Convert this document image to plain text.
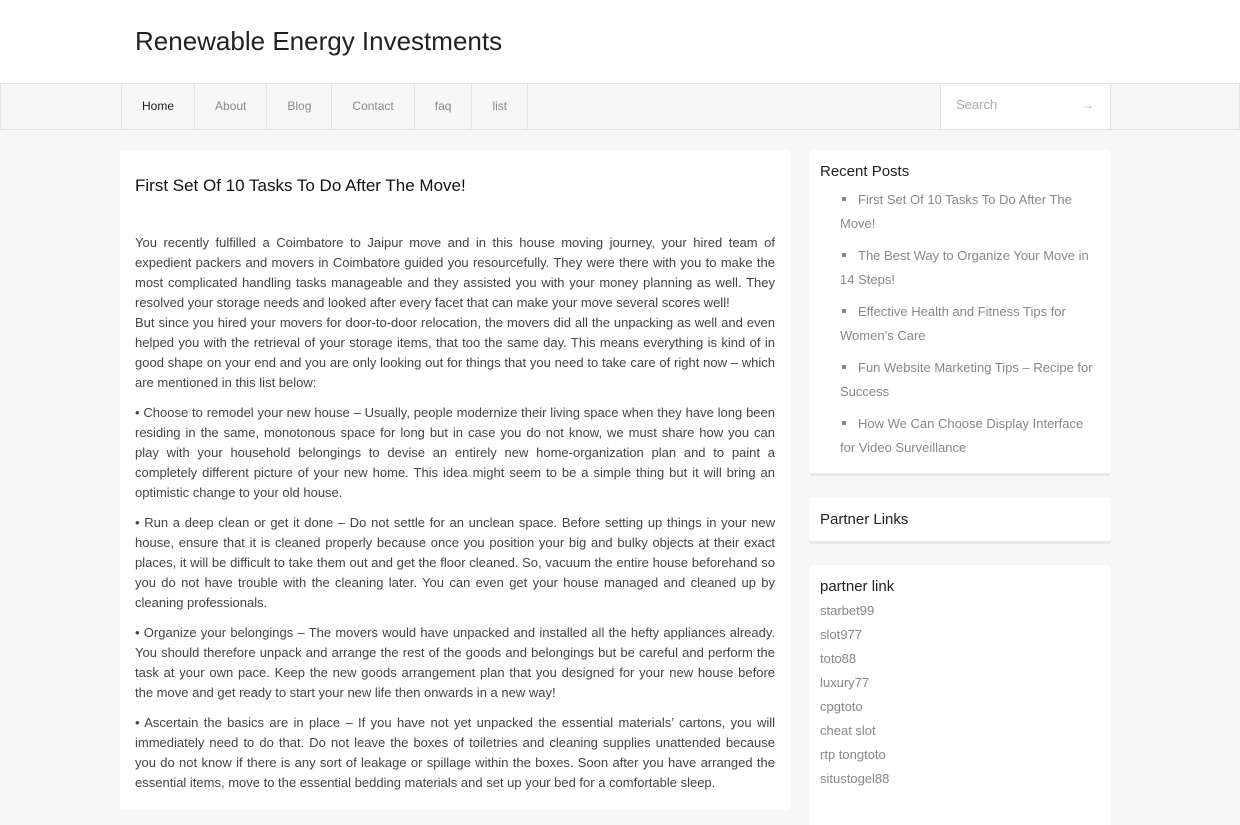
Renewable Energy Investments
Home	About	Blog	Contact	faq	list
Search	→
First Set Of 10 Tasks To Do After The Move!

You recently fulfilled a Coimbatore to Jaipur move and in this house moving journey, your hired team of expedient packers and movers in Coimbatore guided you resourcefully. They were there with you to make the most complicated handling tasks manageable and they assisted you with your money planning as well. They resolved your storage needs and looked after every facet that can make your move several scores well!

But since you hired your movers for door-to-door relocation, the movers did all the unpacking as well and even helped you with the retrieval of your storage items, that too the same day. This means everything is kind of in good shape on your end and you are only looking out for things that you need to take care of right now – which are mentioned in this list below:

• Choose to remodel your new house – Usually, people modernize their living space when they have long been residing in the same, monotonous space for long but in case you do not know, we must share how you can play with your household belongings to devise an entirely new home-organization plan and to paint a completely different picture of your new home. This idea might seem to be a simple thing but it will bring an optimistic change to your old house.

• Run a deep clean or get it done – Do not settle for an unclean space. Before setting up things in your new house, ensure that it is cleaned properly because once you position your big and bulky objects at their exact places, it will be difficult to take them out and get the floor cleaned. So, vacuum the entire house beforehand so you do not have trouble with the cleaning later. You can even get your house managed and cleaned up by cleaning professionals.

• Organize your belongings – The movers would have unpacked and installed all the hefty appliances already. You should therefore unpack and arrange the rest of the goods and belongings but be careful and perform the task at your own pace. Keep the new goods arrangement plan that you designed for your new house before the move and get ready to start your new life then onwards in a new way!

• Ascertain the basics are in place – If you have not yet unpacked the essential materials’ cartons, you will immediately need to do that. Do not leave the boxes of toiletries and cleaning supplies unattended because you do not know if there is any sort of leakage or spillage within the boxes. Soon after you have arranged the essential items, move to the essential bedding materials and set up your bed for a comfortable sleep.

Recent Posts
First Set Of 10 Tasks To Do After The Move!
The Best Way to Organize Your Move in 14 Steps!
Effective Health and Fitness Tips for Women’s Care
Fun Website Marketing Tips – Recipe for Success
How We Can Choose Display Interface for Video Surveillance
Partner Links
partner link
starbet99
slot977
toto88
luxury77
cpgtoto
cheat slot
rtp tongtoto
situstogel88
